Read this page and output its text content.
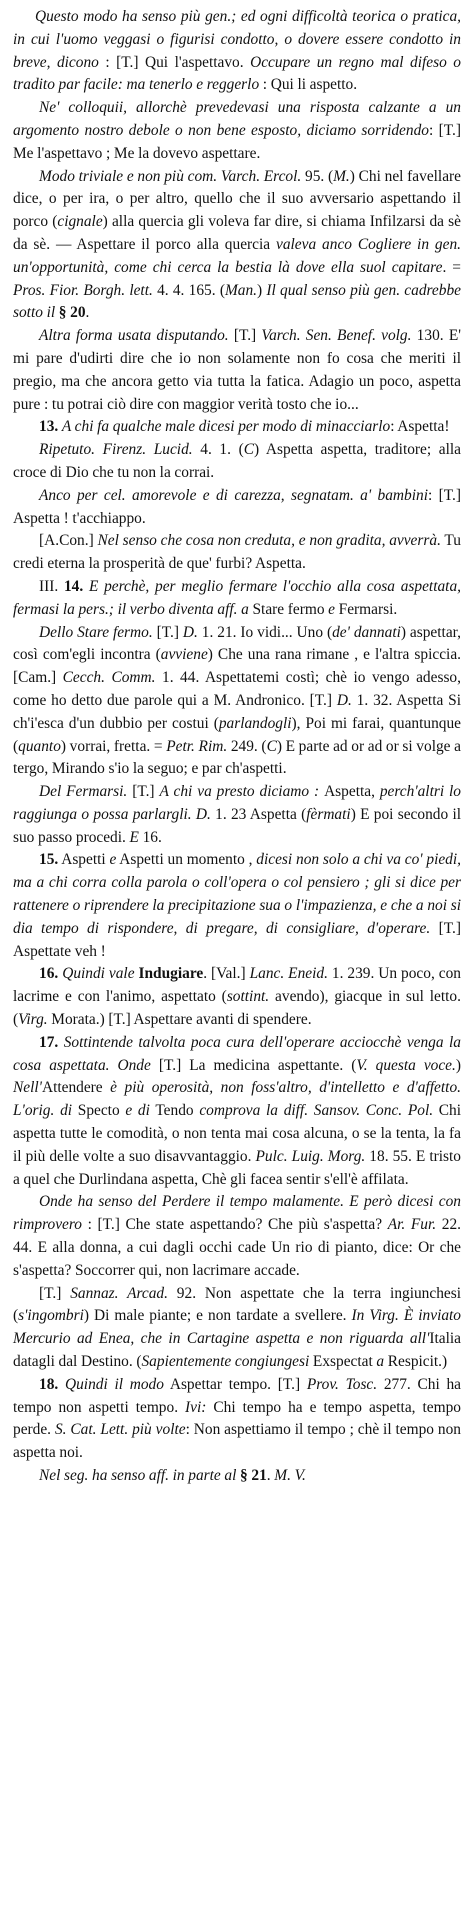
Questo modo ha senso più gen.; ed ogni difficoltà teorica o pratica, in cui l'uomo veggasi o figurisi condotto, o dovere essere condotto in breve, dicono : [T.] Qui l'aspettavo. Occupare un regno mal difeso o tradito par facile: ma tenerlo e reggerlo : Qui li aspetto.

Ne' colloquii, allorchè prevedevasi una risposta calzante a un argomento nostro debole o non bene esposto, diciamo sorridendo: [T.] Me l'aspettavo ; Me la dovevo aspettare.

Modo triviale e non più com. Varch. Ercol. 95. (M.) Chi nel favellare dice, o per ira, o per altro, quello che il suo avversario aspettando il porco (cignale) alla quercia gli voleva far dire, si chiama Infilzarsi da sè da sè. — Aspettare il porco alla quercia valeva anco Cogliere in gen. un'opportunità, come chi cerca la bestia là dove ella suol capitare. = Pros. Fior. Borgh. lett. 4. 4. 165. (Man.) Il qual senso più gen. cadrebbe sotto il § 20.

Altra forma usata disputando. [T.] Varch. Sen. Benef. volg. 130. E' mi pare d'udirti dire che io non solamente non fo cosa che meriti il pregio, ma che ancora getto via tutta la fatica. Adagio un poco, aspetta pure : tu potrai ciò dire con maggior verità tosto che io...

13. A chi fa qualche male dicesi per modo di minacciarlo: Aspetta!

Ripetuto. Firenz. Lucid. 4. 1. (C) Aspetta aspetta, traditore; alla croce di Dio che tu non la corrai.

Anco per cel. amorevole e di carezza, segnatam. a' bambini: [T.] Aspetta ! t'acchiappo.

[A.Con.] Nel senso che cosa non creduta, e non gradita, avverrà. Tu credi eterna la prosperità de que' furbi? Aspetta.

III. 14. E perchè, per meglio fermare l'occhio alla cosa aspettata, fermasi la pers.; il verbo diventa aff. a Stare fermo e Fermarsi.

Dello Stare fermo. [T.] D. 1. 21. Io vidi... Uno (de' dannati) aspettar, così com'egli incontra (avviene) Che una rana rimane , e l'altra spiccia. [Cam.] Cecch. Comm. 1. 44. Aspettatemi costì; chè io vengo adesso, come ho detto due parole qui a M. Andronico. [T.] D. 1. 32. Aspetta Si ch'i'esca d'un dubbio per costui (parlandogli), Poi mi farai, quantunque (quanto) vorrai, fretta. = Petr. Rim. 249. (C) E parte ad or ad or si volge a tergo, Mirando s'io la seguo; e par ch'aspetti.

Del Fermarsi. [T.] A chi va presto diciamo : Aspetta, perch'altri lo raggiunga o possa parlargli. D. 1. 23 Aspetta (fèrmati) E poi secondo il suo passo procedi. E 16.

15. Aspetti e Aspetti un momento , dicesi non solo a chi va co' piedi, ma a chi corra colla parola o coll'opera o col pensiero ; gli si dice per rattenere o riprendere la precipitazione sua o l'impazienza, e che a noi si dia tempo di rispondere, di pregare, di consigliare, d'operare. [T.] Aspettate veh !

16. Quindi vale Indugiare. [Val.] Lanc. Eneid. 1. 239. Un poco, con lacrime e con l'animo, aspettato (sottint. avendo), giacque in sul letto. (Virg. Morata.) [T.] Aspettare avanti di spendere.

17. Sottintende talvolta poca cura dell'operare acciocchè venga la cosa aspettata. Onde [T.] La medicina aspettante. (V. questa voce.) Nell'Attendere è più operosità, non foss'altro, d'intelletto e d'affetto. L'orig. di Specto e di Tendo comprova la diff. Sansov. Conc. Pol. Chi aspetta tutte le comodità, o non tenta mai cosa alcuna, o se la tenta, la fa il più delle volte a suo disavvantaggio. Pulc. Luig. Morg. 18. 55. E tristo a quel che Durlindana aspetta, Chè gli facea sentir s'ell'è affilata.

Onde ha senso del Perdere il tempo malamente. E però dicesi con rimprovero : [T.] Che state aspettando? Che più s'aspetta? Ar. Fur. 22. 44. E alla donna, a cui dagli occhi cade Un rio di pianto, dice: Or che s'aspetta? Soccorrer qui, non lacrimare accade.

[T.] Sannaz. Arcad. 92. Non aspettate che la terra ingiunchesi (s'ingombri) Di male piante; e non tardate a svellere. In Virg. È inviato Mercurio ad Enea, che in Cartagine aspetta e non riguarda all'Italia datagli dal Destino. (Sapientemente congiungesi Exspectat a Respicit.)

18. Quindi il modo Aspettar tempo. [T.] Prov. Tosc. 277. Chi ha tempo non aspetti tempo. Ivi: Chi tempo ha e tempo aspetta, tempo perde. S. Cat. Lett. più volte: Non aspettiamo il tempo ; chè il tempo non aspetta noi.

Nel seg. ha senso aff. in parte al § 21. M. V.
